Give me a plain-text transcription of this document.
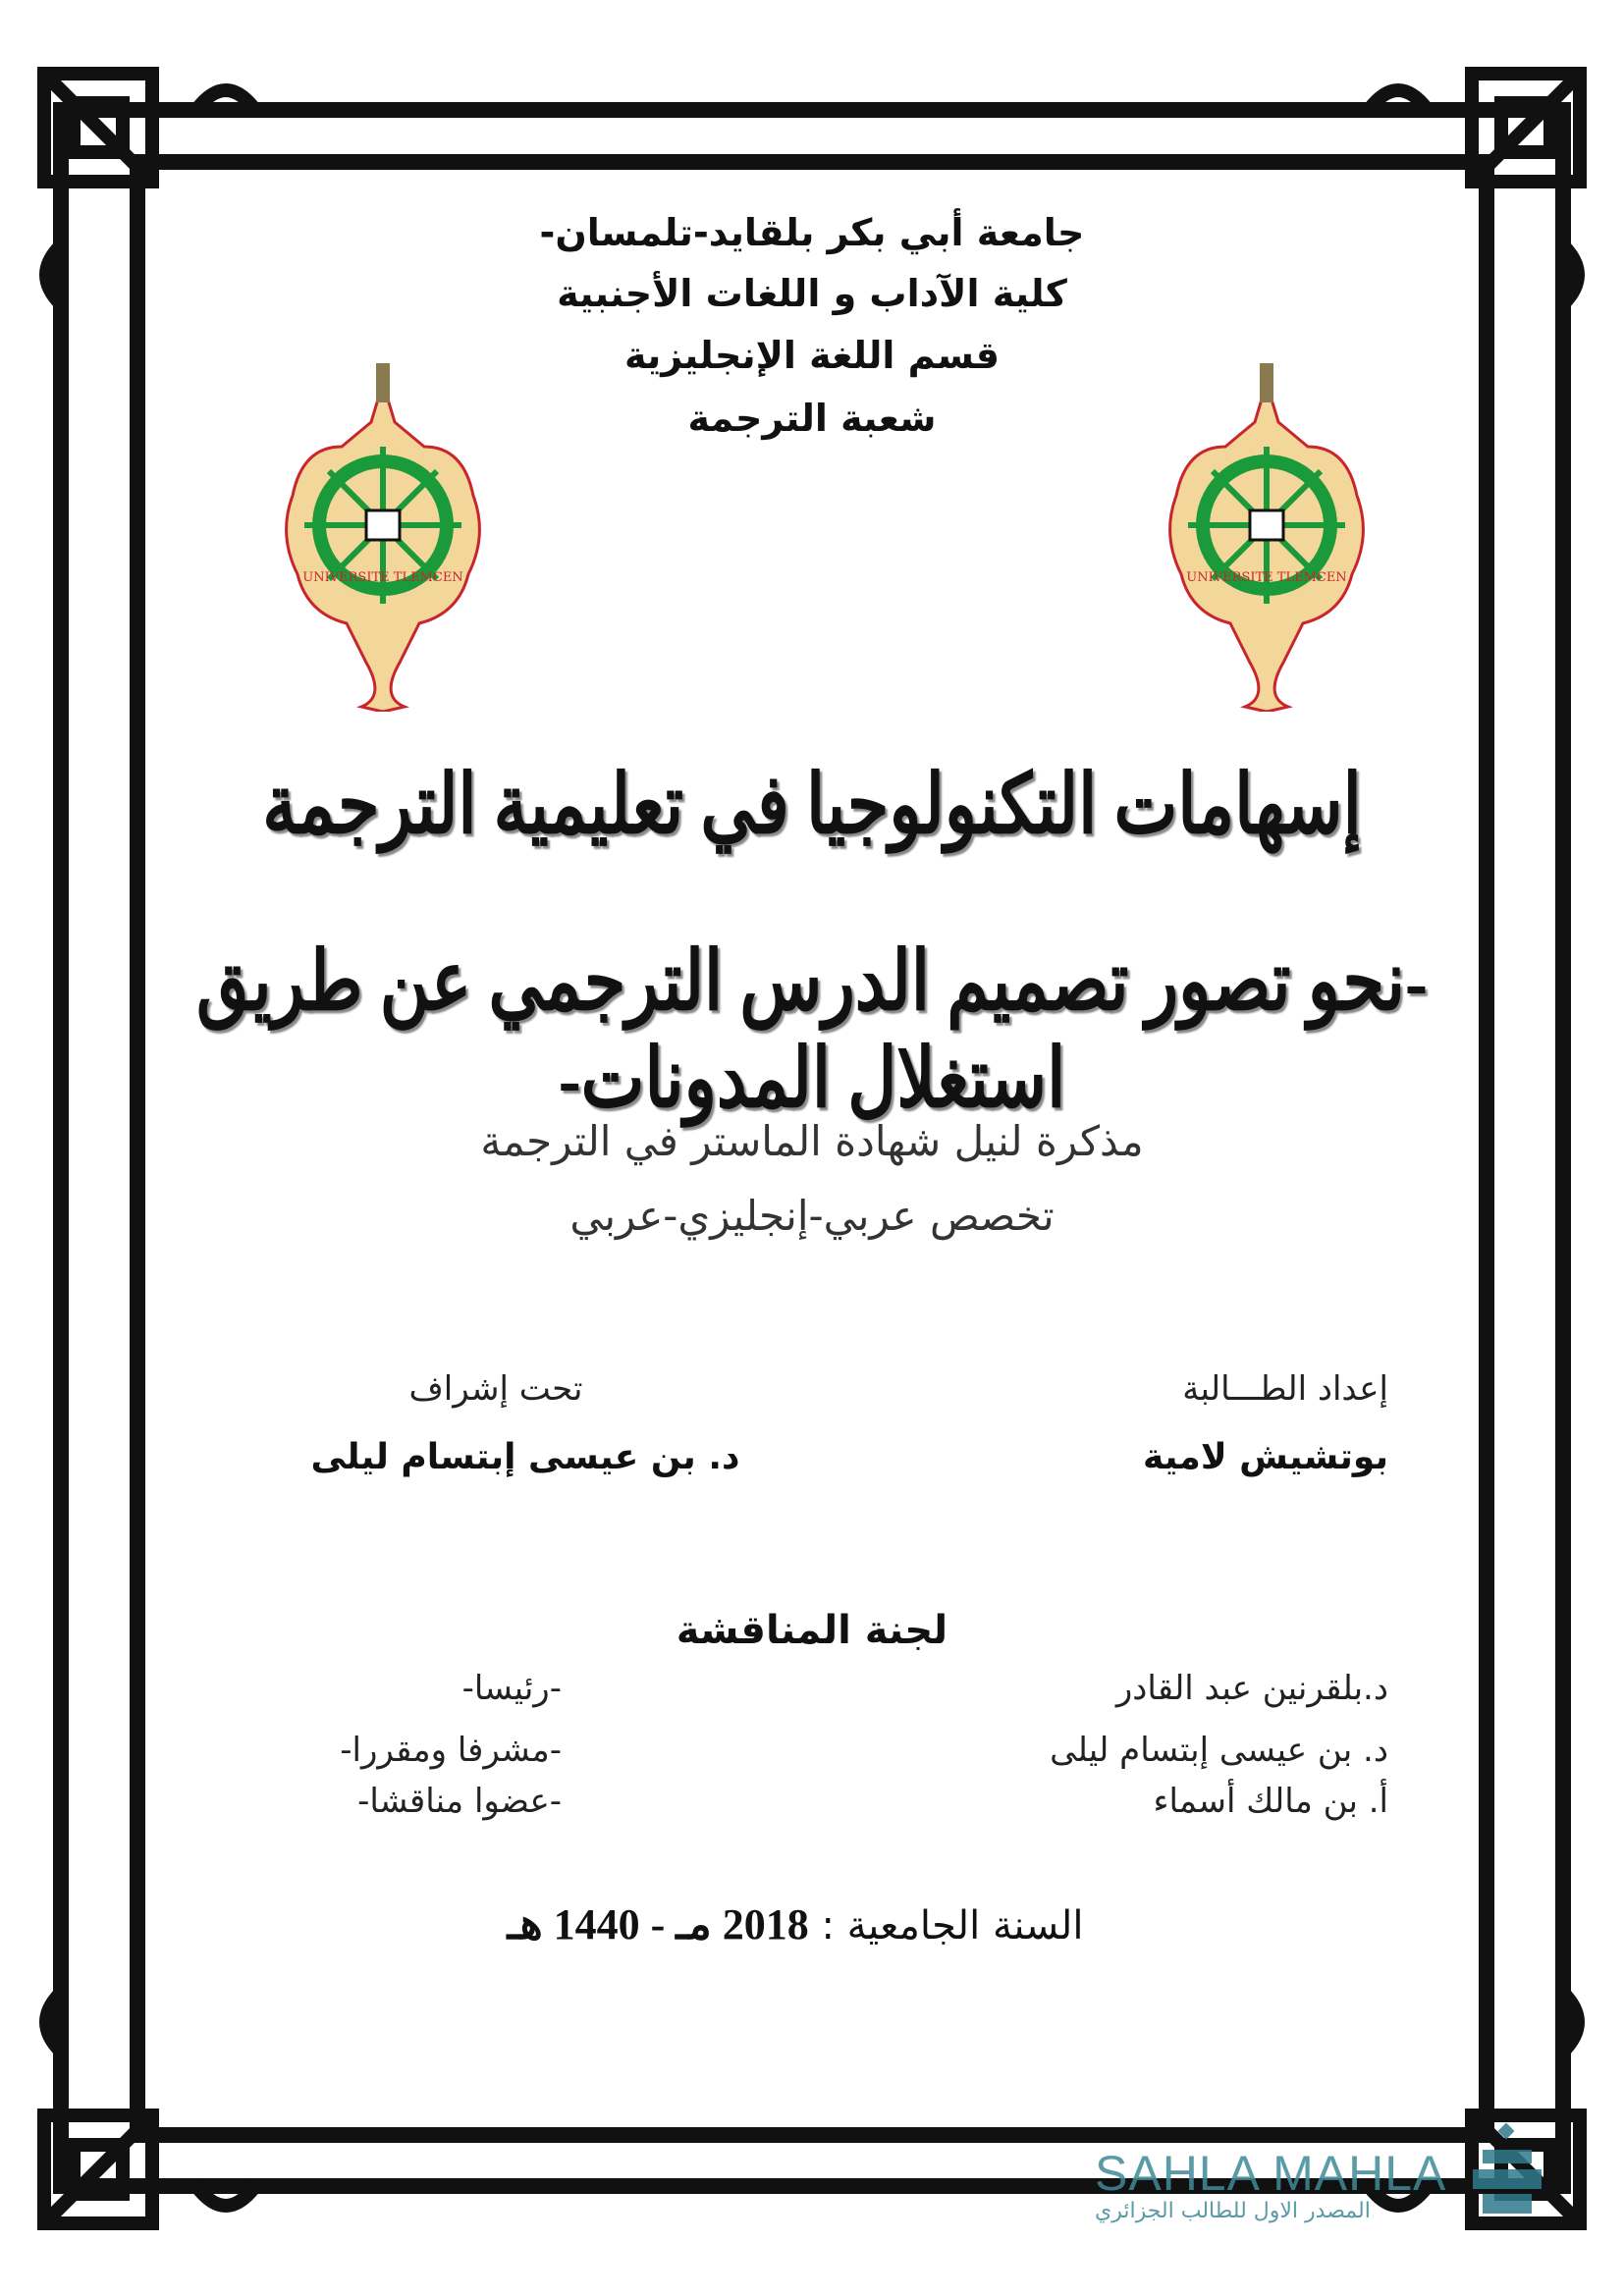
جامعة أبي بكر بلقايد-تلمسان-
كلية الآداب و اللغات الأجنبية
قسم اللغة الإنجليزية
شعبة الترجمة
UNIVERSITE TLEMCEN	UNIVERSITE TLEMCEN
إسهامات التكنولوجيا في تعليمية الترجمة
-نحو تصور تصميم الدرس الترجمي عن طريق استغلال المدونات-
مذكرة لنيل شهادة الماستر في الترجمة
تخصص عربي-إنجليزي-عربي
إعداد الطـــالبة
بوتشيش لامية
تحت إشراف
د. بن عيسى إبتسام ليلى
لجنة المناقشة
د.بلقرنين عبد القادر
-رئيسا-
د. بن عيسى إبتسام ليلى
-مشرفا ومقررا-
أ. بن مالك أسماء
-عضوا مناقشا-
السنة الجامعية : 2018 مـ - 1440 هـ
SAHLA MAHLA
المصدر الاول للطالب الجزائري
